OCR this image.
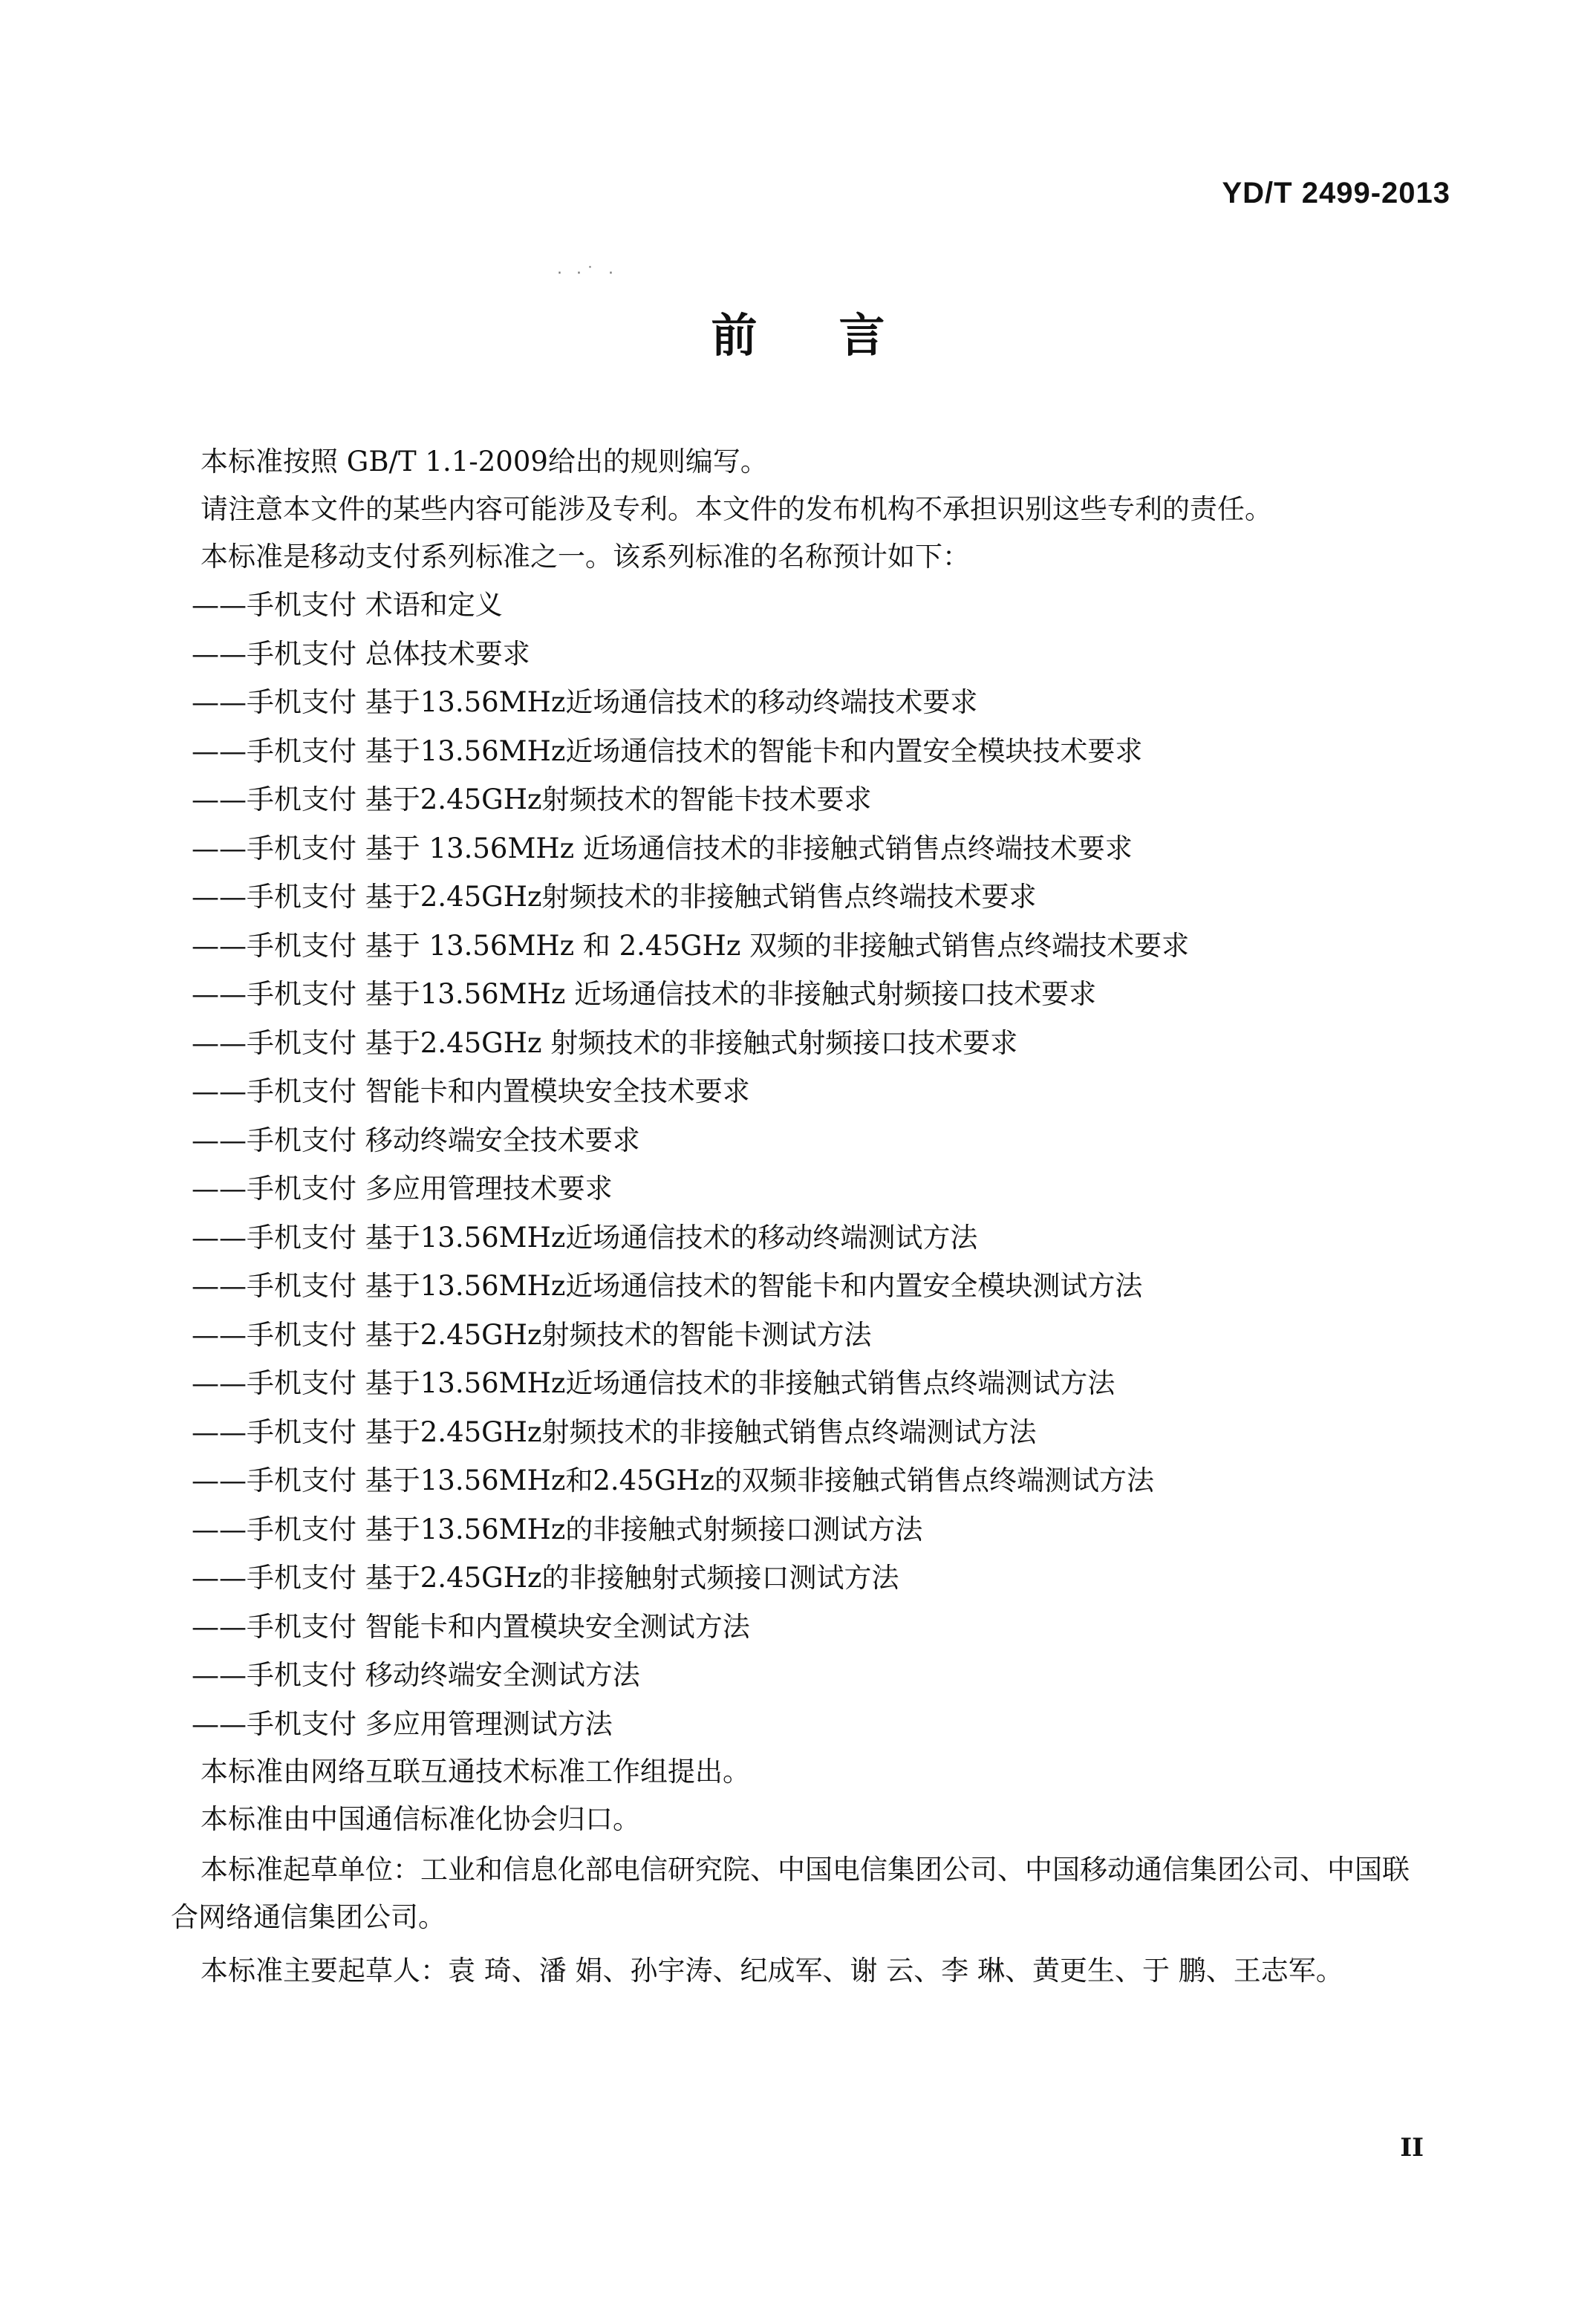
YD/T 2499-2013
· ·˙ ·
前言
本标准按照 GB/T 1.1-2009给出的规则编写。
请注意本文件的某些内容可能涉及专利。本文件的发布机构不承担识别这些专利的责任。
本标准是移动支付系列标准之一。该系列标准的名称预计如下：
——手机支付 术语和定义
——手机支付 总体技术要求
——手机支付 基于13.56MHz近场通信技术的移动终端技术要求
——手机支付 基于13.56MHz近场通信技术的智能卡和内置安全模块技术要求
——手机支付 基于2.45GHz射频技术的智能卡技术要求
——手机支付 基于 13.56MHz 近场通信技术的非接触式销售点终端技术要求
——手机支付 基于2.45GHz射频技术的非接触式销售点终端技术要求
——手机支付 基于 13.56MHz 和 2.45GHz 双频的非接触式销售点终端技术要求
——手机支付 基于13.56MHz 近场通信技术的非接触式射频接口技术要求
——手机支付 基于2.45GHz 射频技术的非接触式射频接口技术要求
——手机支付 智能卡和内置模块安全技术要求
——手机支付 移动终端安全技术要求
——手机支付 多应用管理技术要求
——手机支付 基于13.56MHz近场通信技术的移动终端测试方法
——手机支付 基于13.56MHz近场通信技术的智能卡和内置安全模块测试方法
——手机支付 基于2.45GHz射频技术的智能卡测试方法
——手机支付 基于13.56MHz近场通信技术的非接触式销售点终端测试方法
——手机支付 基于2.45GHz射频技术的非接触式销售点终端测试方法
——手机支付 基于13.56MHz和2.45GHz的双频非接触式销售点终端测试方法
——手机支付 基于13.56MHz的非接触式射频接口测试方法
——手机支付 基于2.45GHz的非接触射式频接口测试方法
——手机支付 智能卡和内置模块安全测试方法
——手机支付 移动终端安全测试方法
——手机支付 多应用管理测试方法
本标准由网络互联互通技术标准工作组提出。
本标准由中国通信标准化协会归口。
本标准起草单位：工业和信息化部电信研究院、中国电信集团公司、中国移动通信集团公司、中国联合网络通信集团公司。
本标准主要起草人：袁 琦、潘 娟、孙宇涛、纪成军、谢 云、李 琳、黄更生、于 鹏、王志军。
II
